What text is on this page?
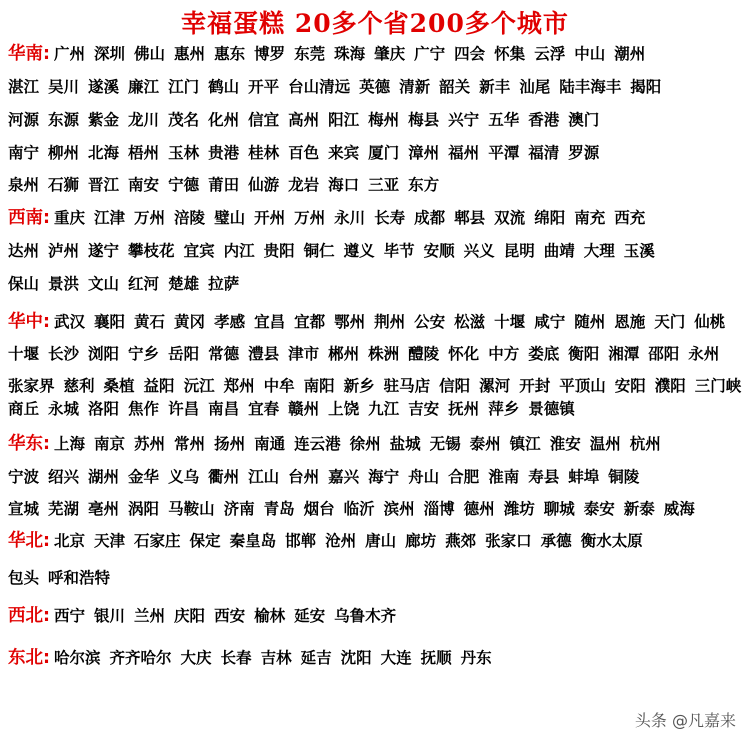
幸福蛋糕 20多个省200多个城市
华南: 广州 深圳 佛山 惠州 惠东 博罗 东莞 珠海 肇庆 广宁 四会 怀集 云浮 中山 潮州
湛江 吴川 遂溪 廉江 江门 鹤山 开平 台山清远 英德 清新 韶关 新丰 汕尾 陆丰海丰 揭阳
河源 东源 紫金 龙川 茂名 化州 信宜 高州 阳江 梅州 梅县 兴宁 五华 香港 澳门
南宁 柳州 北海 梧州 玉林 贵港 桂林 百色 来宾 厦门 漳州 福州 平潭 福清 罗源
泉州 石狮 晋江 南安 宁德 莆田 仙游 龙岩 海口 三亚 东方
西南: 重庆 江津 万州 涪陵 璧山 开州 万州 永川 长寿 成都 郫县 双流 绵阳 南充 西充
达州 泸州 遂宁 攀枝花 宜宾 内江 贵阳 铜仁 遵义 毕节 安顺 兴义 昆明 曲靖 大理 玉溪
保山 景洪 文山 红河 楚雄 拉萨
华中: 武汉 襄阳 黄石 黄冈 孝感 宜昌 宜都 鄂州 荆州 公安 松滋 十堰 咸宁 随州 恩施 天门 仙桃
十堰 长沙 浏阳 宁乡 岳阳 常德 澧县 津市 郴州 株洲 醴陵 怀化 中方 娄底 衡阳 湘潭 邵阳 永州
张家界 慈利 桑植 益阳 沅江 郑州 中牟 南阳 新乡 驻马店 信阳 漯河 开封 平顶山 安阳 濮阳 三门峡
商丘 永城 洛阳 焦作 许昌 南昌 宜春 赣州 上饶 九江 吉安 抚州 萍乡 景德镇
华东: 上海 南京 苏州 常州 扬州 南通 连云港 徐州 盐城 无锡 泰州 镇江 淮安 温州 杭州
宁波 绍兴 湖州 金华 义乌 衢州 江山 台州 嘉兴 海宁 舟山 合肥 淮南 寿县 蚌埠 铜陵
宣城 芜湖 亳州 涡阳 马鞍山 济南 青岛 烟台 临沂 滨州 淄博 德州 潍坊 聊城 泰安 新泰 威海
华北: 北京 天津 石家庄 保定 秦皇岛 邯郸 沧州 唐山 廊坊 燕郊 张家口 承德 衡水太原
包头 呼和浩特
西北: 西宁 银川 兰州 庆阳 西安 榆林 延安 乌鲁木齐
东北: 哈尔滨 齐齐哈尔 大庆 长春 吉林 延吉 沈阳 大连 抚顺 丹东
头条 @凡嘉来
